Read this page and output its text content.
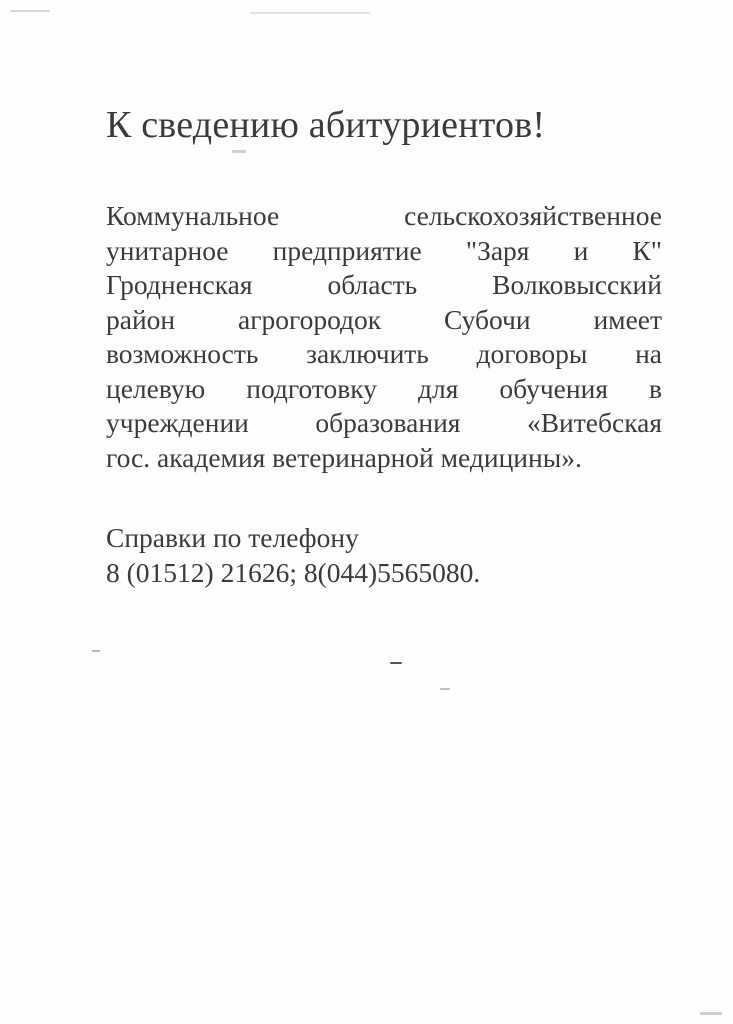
К сведению абитуриентов!
Коммунальное сельскохозяйственное
унитарное предприятие "Заря и К"
Гродненская область Волковысский
район агрогородок Субочи имеет
возможность заключить договоры на
целевую подготовку для обучения в
учреждении образования «Витебская
гос. академия ветеринарной медицины».
Справки по телефону
8 (01512) 21626; 8(044)5565080.
